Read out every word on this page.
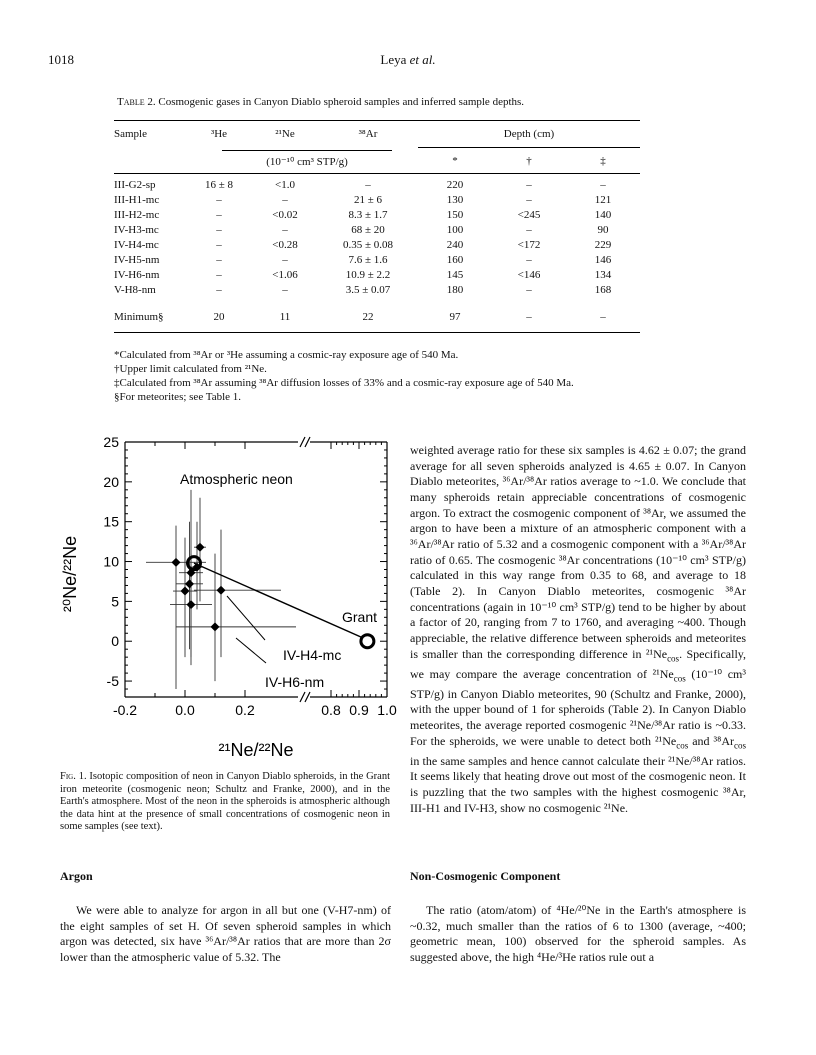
1018	Leya et al.
Table 2. Cosmogenic gases in Canyon Diablo spheroid samples and inferred sample depths.
Sample	³He	²¹Ne	³⁸Ar	Depth (cm)		
	(10⁻¹⁰ cm³ STP/g)			*	†	‡

III-G2-sp	16 ± 8	<1.0	–	220	–	–
III-H1-mc	–	–	21 ± 6	130	–	121
III-H2-mc	–	<0.02	8.3 ± 1.7	150	<245	140
IV-H3-mc	–	–	68 ± 20	100	–	90
IV-H4-mc	–	<0.28	0.35 ± 0.08	240	<172	229
IV-H5-nm	–	–	7.6 ± 1.6	160	–	146
IV-H6-nm	–	<1.06	10.9 ± 2.2	145	<146	134
V-H8-nm	–	–	3.5 ± 0.07	180	–	168

Minimum§	20	11	22	97	–	–
*Calculated from ³⁸Ar or ³He assuming a cosmic-ray exposure age of 540 Ma.
†Upper limit calculated from ²¹Ne.
‡Calculated from ³⁸Ar assuming ³⁸Ar diffusion losses of 33% and a cosmic-ray exposure age of 540 Ma.
§For meteorites; see Table 1.
25
20
15
10
5
0
-5
-0.2	0.0	0.2	0.8 0.9 1.0
²¹Ne/²²Ne
²⁰Ne/²²Ne
Atmospheric neon
Grant
IV-H4-mc
IV-H6-nm
Fig. 1. Isotopic composition of neon in Canyon Diablo spheroids, in the Grant iron meteorite (cosmogenic neon; Schultz and Franke, 2000), and in the Earth's atmosphere. Most of the neon in the spheroids is atmospheric although the data hint at the presence of small concentrations of cosmogenic neon in some samples (see text).
Argon

We were able to analyze for argon in all but one (V-H7-nm) of the eight samples of set H. Of seven spheroid samples in which argon was detected, six have ³⁶Ar/³⁸Ar ratios that are more than 2σ lower than the atmospheric value of 5.32. The

weighted average ratio for these six samples is 4.62 ± 0.07; the grand average for all seven spheroids analyzed is 4.65 ± 0.07. In Canyon Diablo meteorites, ³⁶Ar/³⁸Ar ratios average to ~1.0. We conclude that many spheroids retain appreciable concentrations of cosmogenic argon. To extract the cosmogenic component of ³⁸Ar, we assumed the argon to have been a mixture of an atmospheric component with a ³⁶Ar/³⁸Ar ratio of 5.32 and a cosmogenic component with a ³⁶Ar/³⁸Ar ratio of 0.65. The cosmogenic ³⁸Ar concentrations (10⁻¹⁰ cm³ STP/g) calculated in this way range from 0.35 to 68, and average to 18 (Table 2). In Canyon Diablo meteorites, cosmogenic ³⁸Ar concentrations (again in 10⁻¹⁰ cm³ STP/g) tend to be higher by about a factor of 20, ranging from 7 to 1760, and averaging ~400. Though appreciable, the relative difference between spheroids and meteorites is smaller than the corresponding difference in $^{21}Ne_{cos}$. Specifically, we may compare the average concentration of $^{21}Ne_{cos}$ (10⁻¹⁰ cm³ STP/g) in Canyon Diablo meteorites, 90 (Schultz and Franke, 2000), with the upper bound of 1 for spheroids (Table 2). In Canyon Diablo meteorites, the average reported cosmogenic ²¹Ne/³⁸Ar ratio is ~0.33. For the spheroids, we were unable to detect both $^{21}Ne_{cos}$ and $^{38}Ar_{cos}$ in the same samples and hence cannot calculate their ²¹Ne/³⁸Ar ratios. It seems likely that heating drove out most of the cosmogenic neon. It is puzzling that the two samples with the highest cosmogenic ³⁸Ar, III-H1 and IV-H3, show no cosmogenic ²¹Ne.

Non-Cosmogenic Component

The ratio (atom/atom) of ⁴He/²⁰Ne in the Earth's atmosphere is ~0.32, much smaller than the ratios of 6 to 1300 (average, ~400; geometric mean, 100) observed for the spheroid samples. As suggested above, the high ⁴He/³He ratios rule out a
